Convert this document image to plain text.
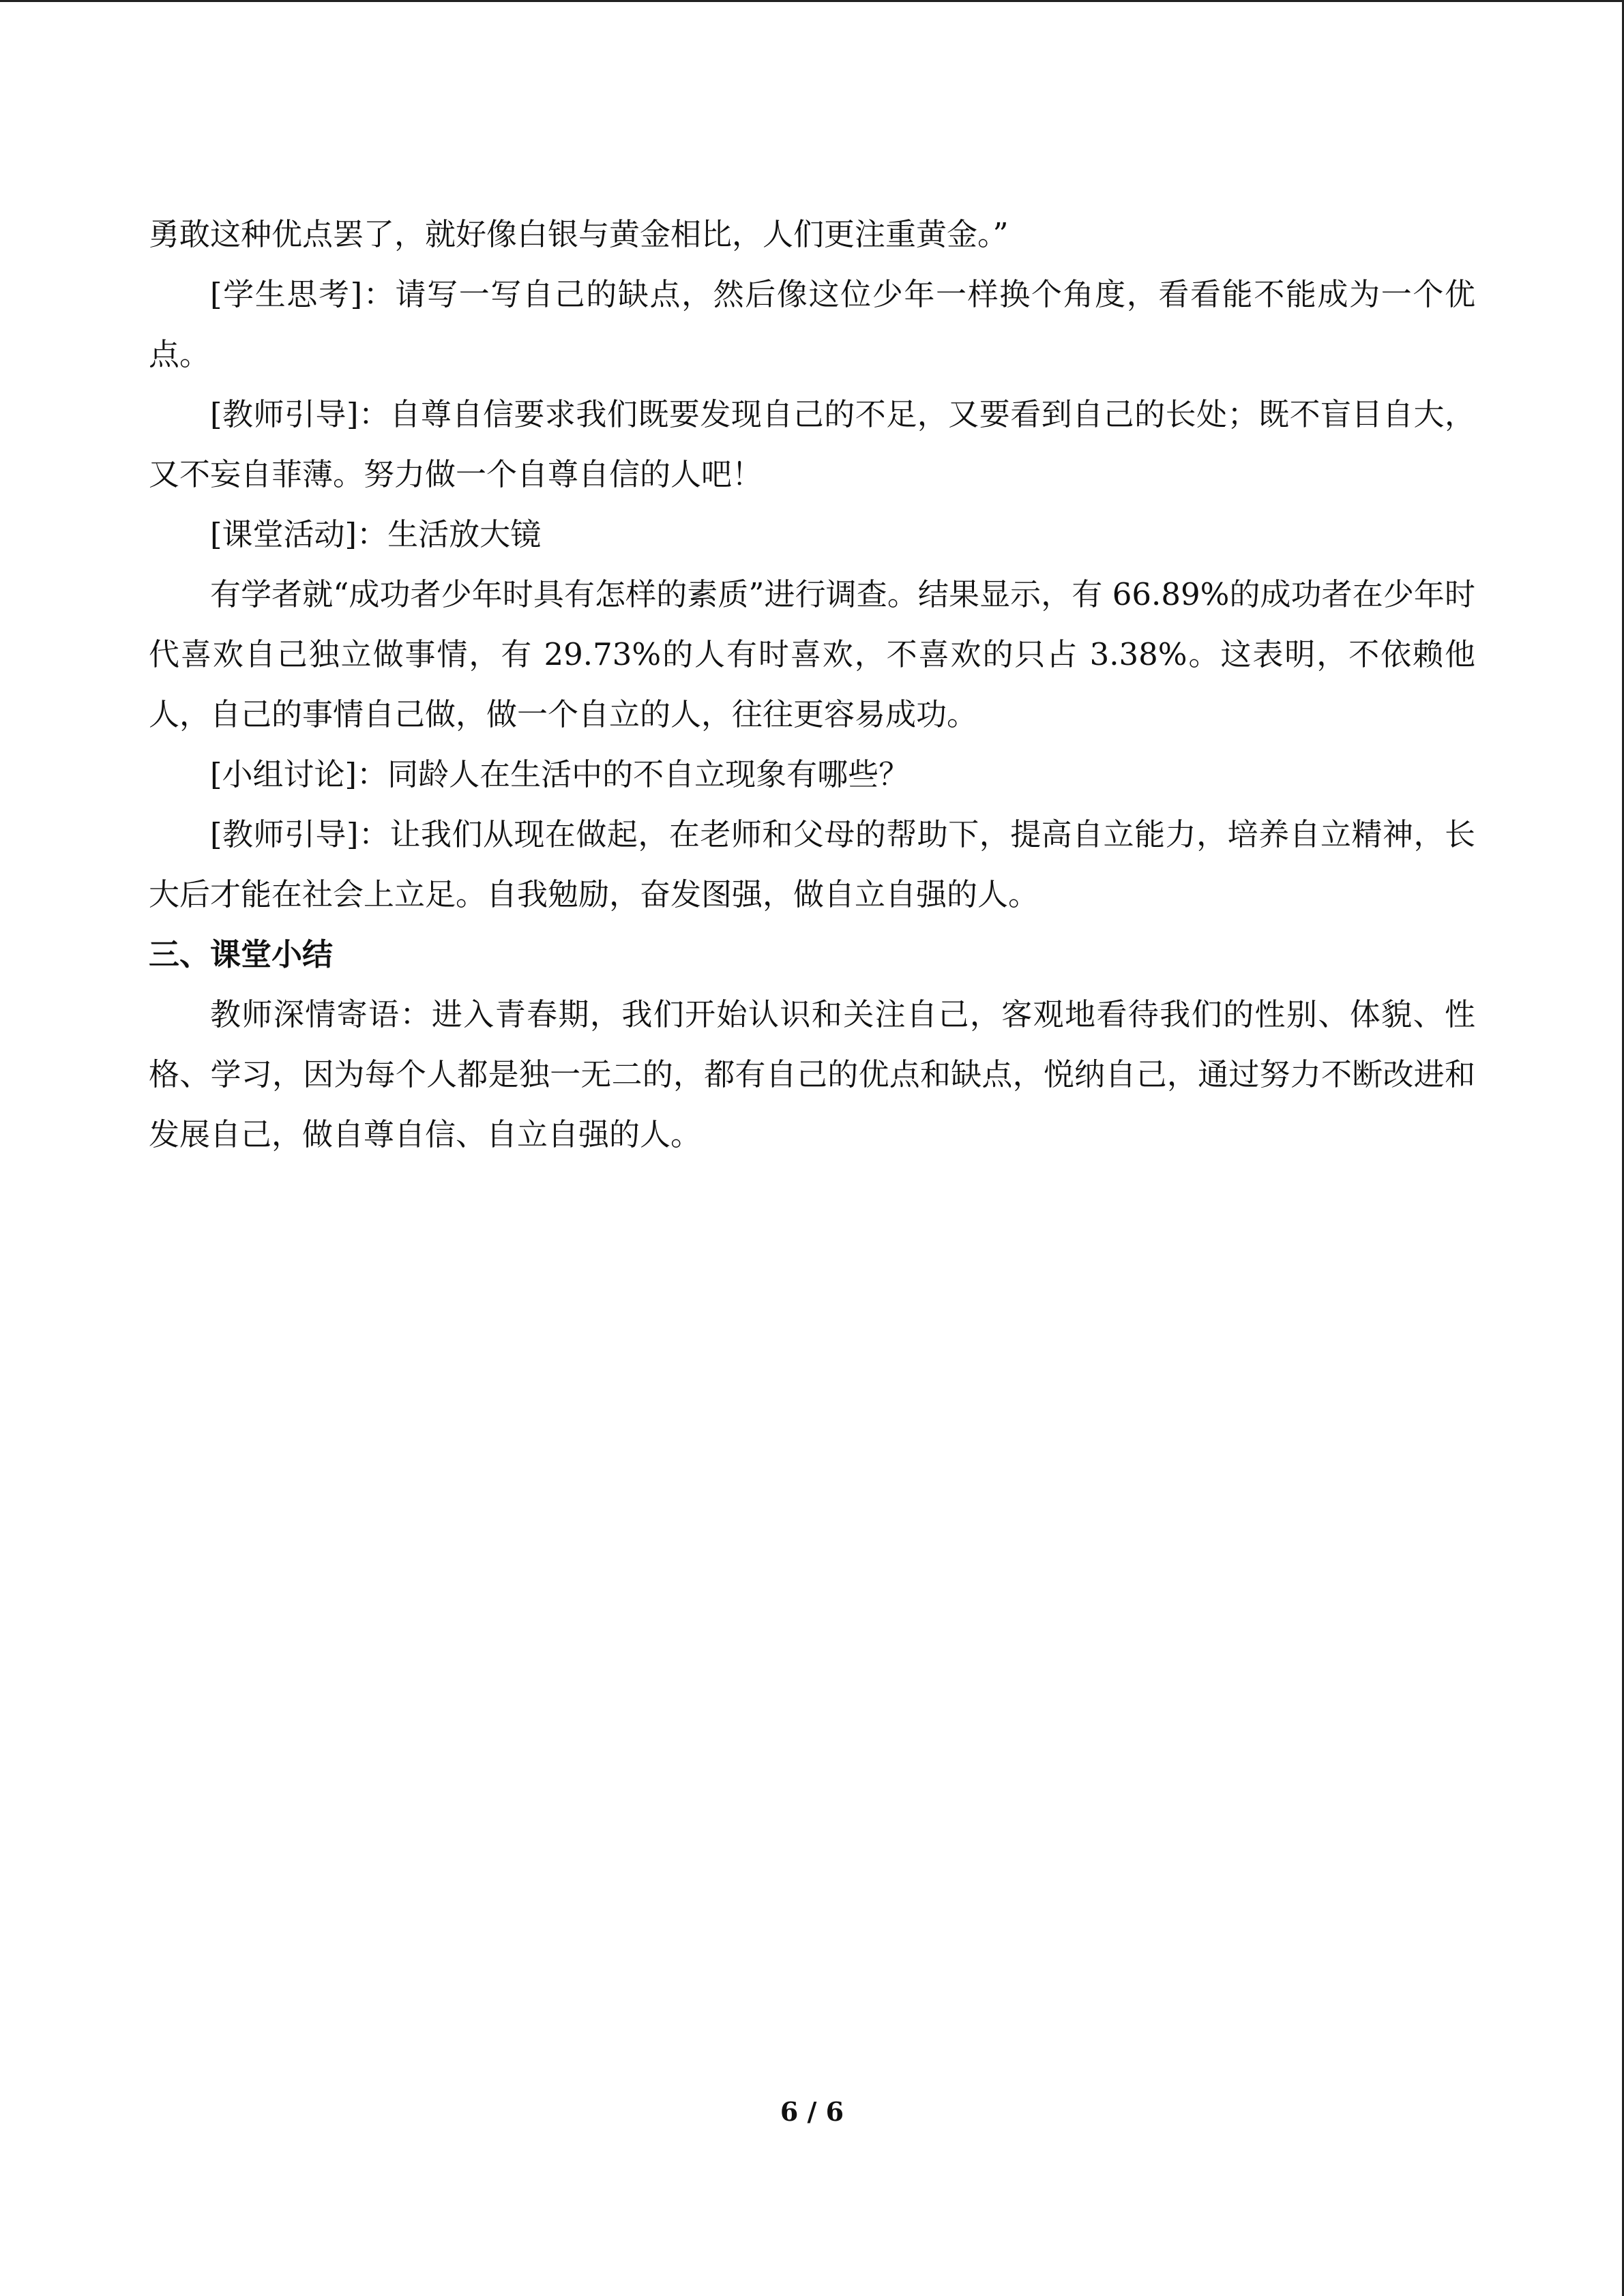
勇敢这种优点罢了，就好像白银与黄金相比，人们更注重黄金。”

[学生思考]：请写一写自己的缺点，然后像这位少年一样换个角度，看看能不能成为一个优点。

[教师引导]：自尊自信要求我们既要发现自己的不足，又要看到自己的长处；既不盲目自大，又不妄自菲薄。努力做一个自尊自信的人吧！

[课堂活动]：生活放大镜

有学者就“成功者少年时具有怎样的素质”进行调查。结果显示，有 66.89%的成功者在少年时代喜欢自己独立做事情，有 29.73%的人有时喜欢，不喜欢的只占 3.38%。这表明，不依赖他人，自己的事情自己做，做一个自立的人，往往更容易成功。

[小组讨论]：同龄人在生活中的不自立现象有哪些？

[教师引导]：让我们从现在做起，在老师和父母的帮助下，提高自立能力，培养自立精神，长大后才能在社会上立足。自我勉励，奋发图强，做自立自强的人。

三、课堂小结

教师深情寄语：进入青春期，我们开始认识和关注自己，客观地看待我们的性别、体貌、性格、学习，因为每个人都是独一无二的，都有自己的优点和缺点，悦纳自己，通过努力不断改进和发展自己，做自尊自信、自立自强的人。

6 / 6
